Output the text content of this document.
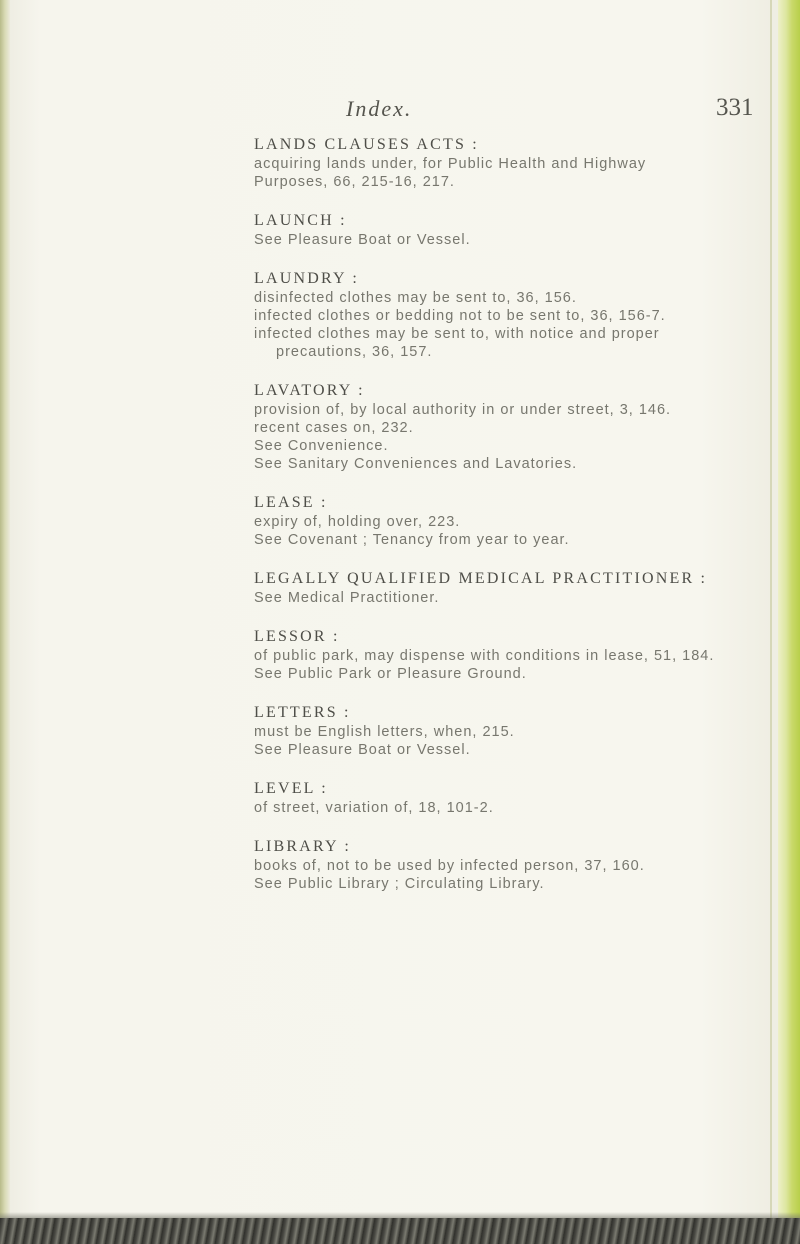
Index.	331
LANDS CLAUSES ACTS :
acquiring lands under, for Public Health and Highway
Purposes, 66, 215-16, 217.
LAUNCH :
See Pleasure Boat or Vessel.
LAUNDRY :
disinfected clothes may be sent to, 36, 156.
infected clothes or bedding not to be sent to, 36, 156-7.
infected clothes may be sent to, with notice and proper
precautions, 36, 157.
LAVATORY :
provision of, by local authority in or under street, 3, 146.
recent cases on, 232.
See Convenience.
See Sanitary Conveniences and Lavatories.
LEASE :
expiry of, holding over, 223.
See Covenant ; Tenancy from year to year.
LEGALLY QUALIFIED MEDICAL PRACTITIONER :
See Medical Practitioner.
LESSOR :
of public park, may dispense with conditions in lease, 51, 184.
See Public Park or Pleasure Ground.
LETTERS :
must be English letters, when, 215.
See Pleasure Boat or Vessel.
LEVEL :
of street, variation of, 18, 101-2.
LIBRARY :
books of, not to be used by infected person, 37, 160.
See Public Library ; Circulating Library.
